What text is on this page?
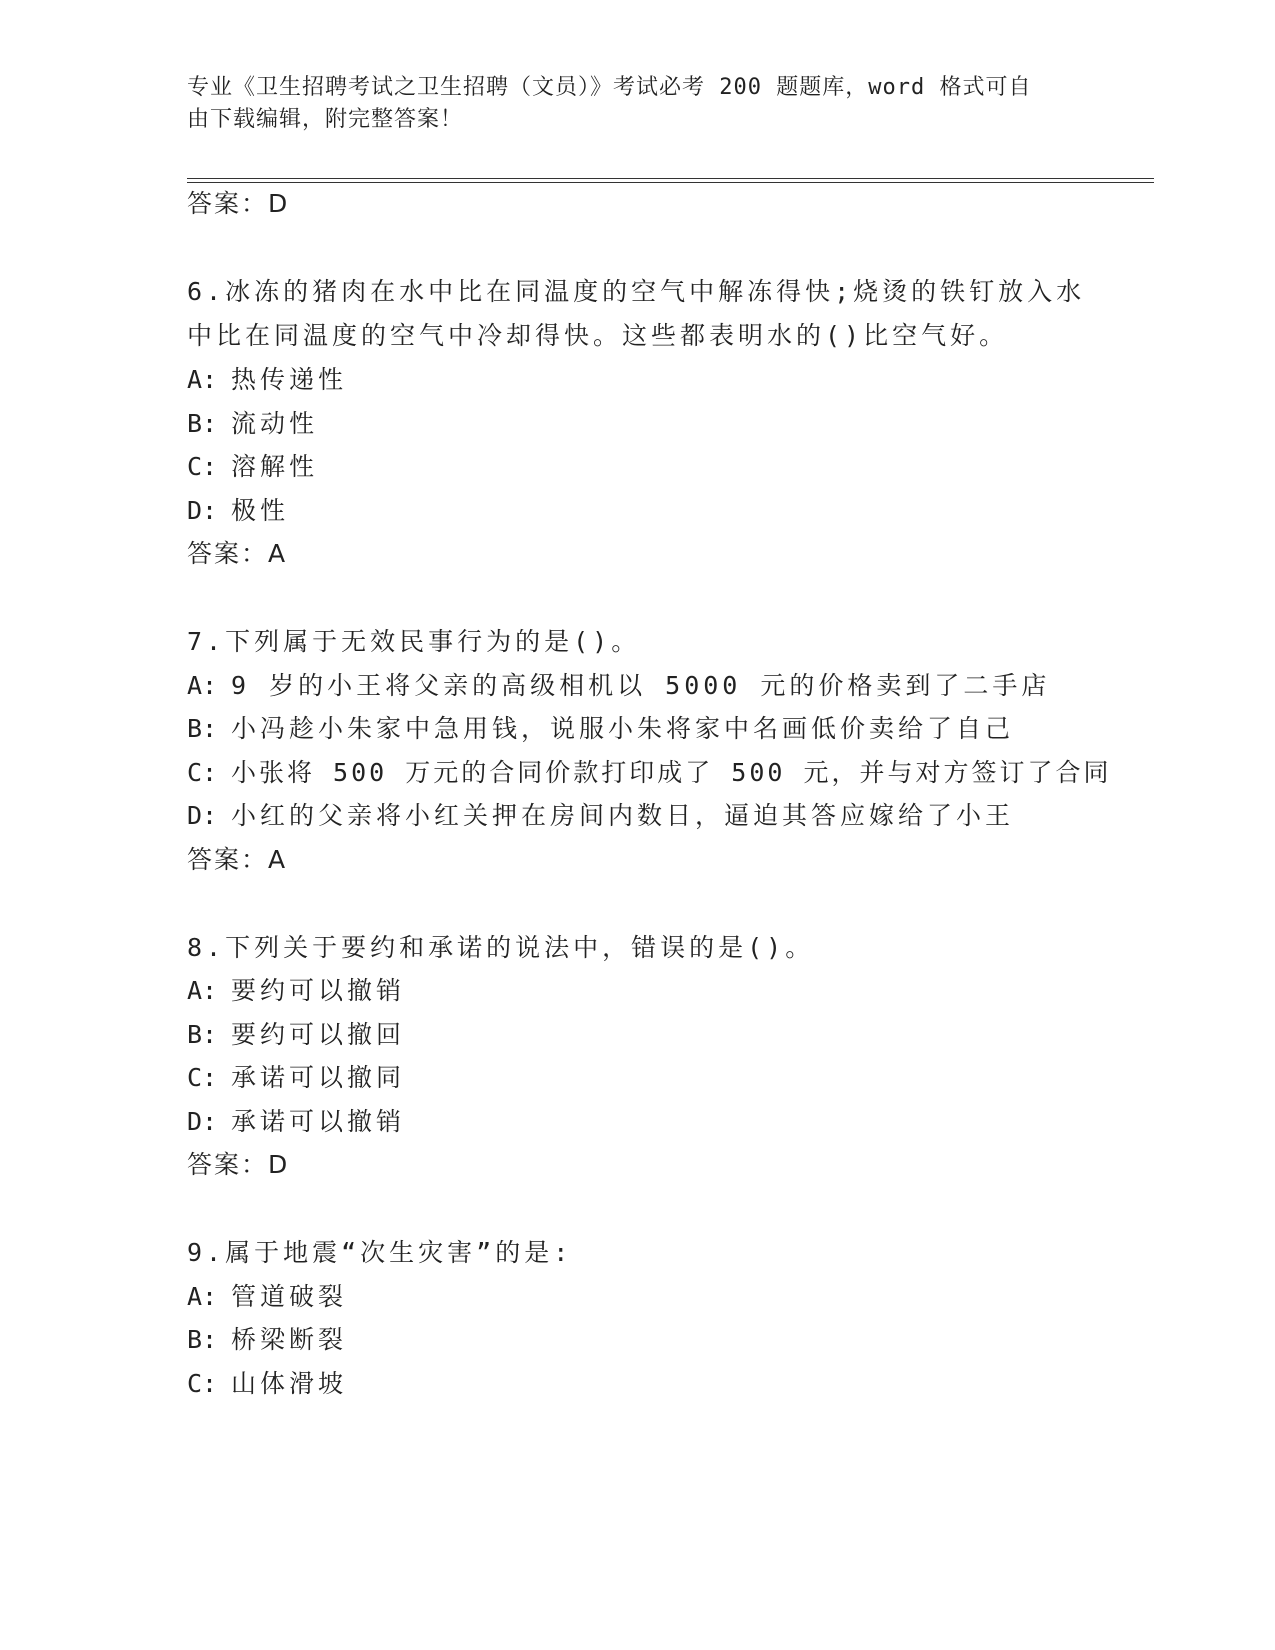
专业《卫生招聘考试之卫生招聘（文员）》考试必考 200 题题库，word 格式可自
由下载编辑，附完整答案！
答案：D
6.冰冻的猪肉在水中比在同温度的空气中解冻得快;烧烫的铁钉放入水
中比在同温度的空气中冷却得快。这些都表明水的()比空气好。
A: 热传递性
B: 流动性
C: 溶解性
D: 极性
答案：A
7.下列属于无效民事行为的是()。
A: 9 岁的小王将父亲的高级相机以 5000 元的价格卖到了二手店
B: 小冯趁小朱家中急用钱，说服小朱将家中名画低价卖给了自己
C: 小张将 500 万元的合同价款打印成了 500 元，并与对方签订了合同
D: 小红的父亲将小红关押在房间内数日，逼迫其答应嫁给了小王
答案：A
8.下列关于要约和承诺的说法中，错误的是()。
A: 要约可以撤销
B: 要约可以撤回
C: 承诺可以撤同
D: 承诺可以撤销
答案：D
9.属于地震“次生灾害”的是:
A: 管道破裂
B: 桥梁断裂
C: 山体滑坡
